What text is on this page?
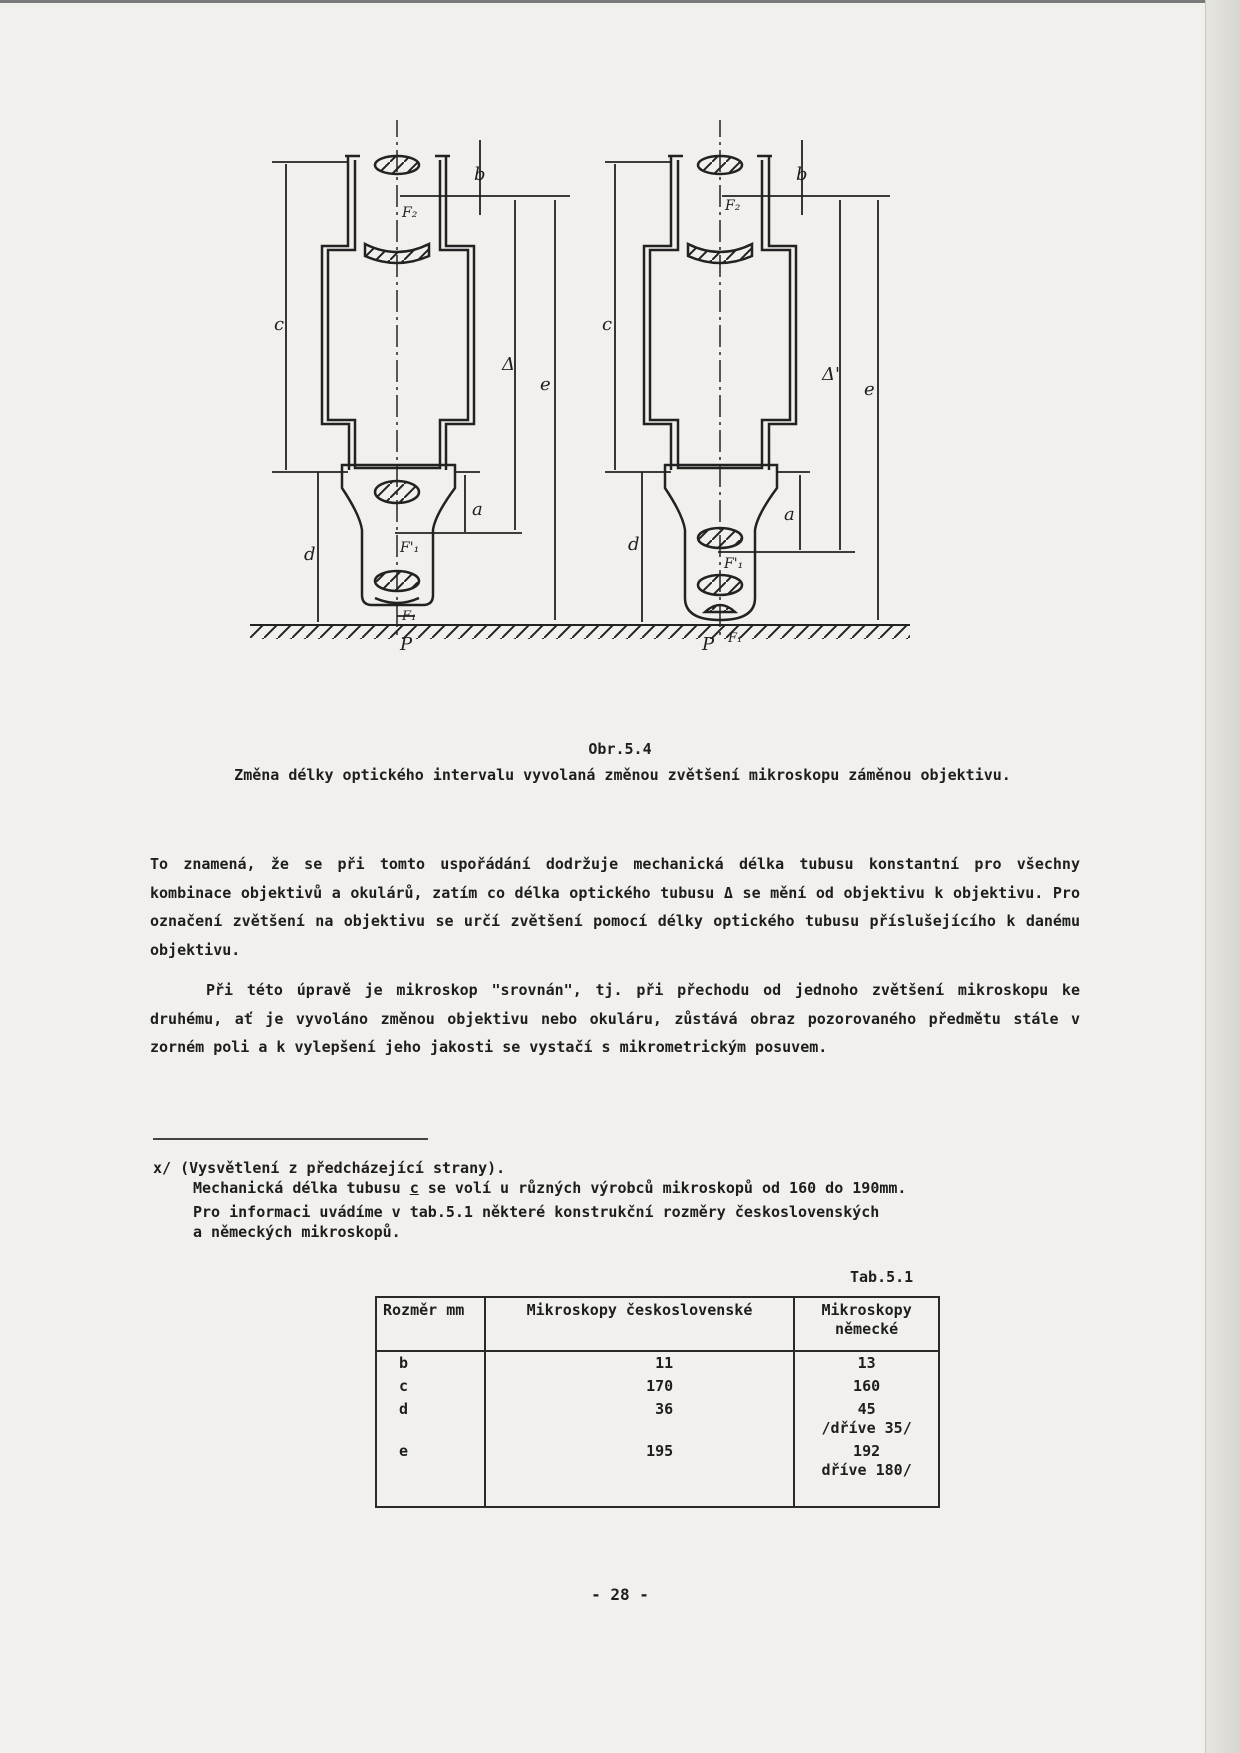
c
b
Δ
e
a
d
F₂
F'₁
F₁
P
c
b
Δ'
e
a
d
F₂
F'₁
F₁
P
Obr.5.4
Změna délky optického intervalu vyvolaná změnou zvětšení mikroskopu záměnou objektivu.

To znamená, že se při tomto uspořádání dodržuje mechanická délka tubusu konstantní pro všechny kombinace objektivů a okulárů, zatím co délka optického tubusu Δ se mění od objektivu k objektivu. Pro označení zvětšení na objektivu se určí zvětšení pomocí délky optického tubusu příslušejícího k danému objektivu.

Při této úpravě je mikroskop "srovnán", tj. při přechodu od jednoho zvětšení mikroskopu ke druhému, ať je vyvoláno změnou objektivu nebo okuláru, zůstává obraz pozorovaného předmětu stále v zorném poli a k vylepšení jeho jakosti se vystačí s mikrometrickým posuvem.

x/ (Vysvětlení z předcházející strany).
Mechanická délka tubusu c se volí u různých výrobců mikroskopů od 160 do 190mm.
Pro informaci uvádíme v tab.5.1 některé konstrukční rozměry československých
a německých mikroskopů.
Tab.5.1
Rozměr mm	Mikroskopy československé	Mikroskopy německé
b	11	13
c	170	160
d	36	45
/dříve 35/

e	195	192
dříve 180/
- 28 -
